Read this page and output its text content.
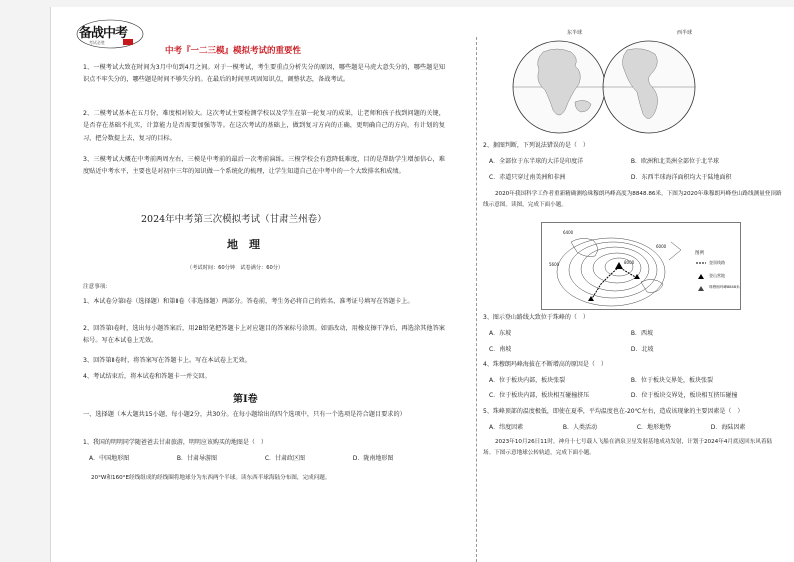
备战中考
考试必胜
中考『一二三模』模拟考试的重要性

1、一模考试大致在时间为3月中旬到4月之间。对于一模考试，考生要重点分析失分的原因，哪些题是马虎大意失分的，哪些题是知识点不牢失分的，哪些题是时间不够失分的。在最后的时间里巩固知识点，调整状态，备战考试。

2、二模考试基本在五月份，难度相对较大。这次考试主要检测学校以及学生在第一轮复习的成果，让老师和孩子找到问题的关键，是否存在基础不扎实，计算能力是否需要加强等等。在这次考试的基础上，做到复习方向的正确，更明确自己的方向，有计划的复习，把分数提上去，复习的目标。

3、三模考试大概在中考前两周左右，三模是中考前的最后一次考前演练。三模学校会有意降低难度，目的是帮助学生增加信心，难度贴近中考水平，主要也是对初中三年的知识做一个系统化的梳理，让学生知道自己在中考中的一个大致排名和成绩。

2024年中考第三次模拟考试（甘肃兰州卷）
地　理
（考试时间：60分钟　试卷满分：60分）
注意事项：

1、本试卷分第Ⅰ卷（选择题）和第Ⅱ卷（非选择题）两部分。答卷前，考生务必将自己的姓名、准考证号填写在答题卡上。

2、回答第Ⅰ卷时，选出每小题答案后，用2B铅笔把答题卡上对应题目的答案标号涂黑。如需改动，用橡皮擦干净后，再选涂其他答案标号。写在本试卷上无效。

3、回答第Ⅱ卷时，将答案写在答题卡上。写在本试卷上无效。

4、考试结束后，将本试卷和答题卡一并交回。

第Ⅰ卷

一、选择题（本大题共15小题，每小题2分，共30分。在每小题给出的四个选项中，只有一个选项是符合题目要求的）

1、我国的明明同学随爸爸去甘肃旅游，明明应该购买的地图是（　）
A．中国地形图	B．甘肃导游图	C．甘肃政区图	D．陇南地形图
20°W和160°E经线组成的经线圈将地球分为东西两个半球。读东西半球海陆分布图，完成问题。
东半球	西半球
2、据图判断，下列说法错误的是（　）
A．全部位于东半球的大洋是印度洋	B．欧洲和北美洲全部位于北半球
C．赤道只穿过南美洲和非洲	D．东西半球海洋面积均大于陆地面积

2020年我国科学工作者重新精确测绘珠穆朗玛峰高度为8848.86米。下图为2020年珠穆朗玛峰登山路线测量登顶路线示意图。读图，完成下面小题。

6400
6000
5600	8000
图例
登顶线路
登山营地
珠穆朗玛峰8848米
3、图示登山路线大致位于珠峰的（　）
A．东坡	B．西坡
C．南坡	D．北坡
4、珠穆朗玛峰海拔在不断增高的原因是（　）
A．位于板块内部，板块张裂	B．位于板块交界处，板块张裂
C．位于板块内部，板块相互碰撞挤压	D．位于板块交界处，板块相互挤压碰撞
5、珠峰顶部的温度极低，即使在夏季，平均温度也在-20℃左右，造成该现象的主要因素是（　）
A．纬度因素	B．人类活动	C．地形地势	D．海陆因素

2023年10月26日11时，神舟十七号载人飞船在酒泉卫星发射基地成功发射，计划于2024年4月底返回东风着陆场。下图示意地球公转轨道，完成下面小题。
